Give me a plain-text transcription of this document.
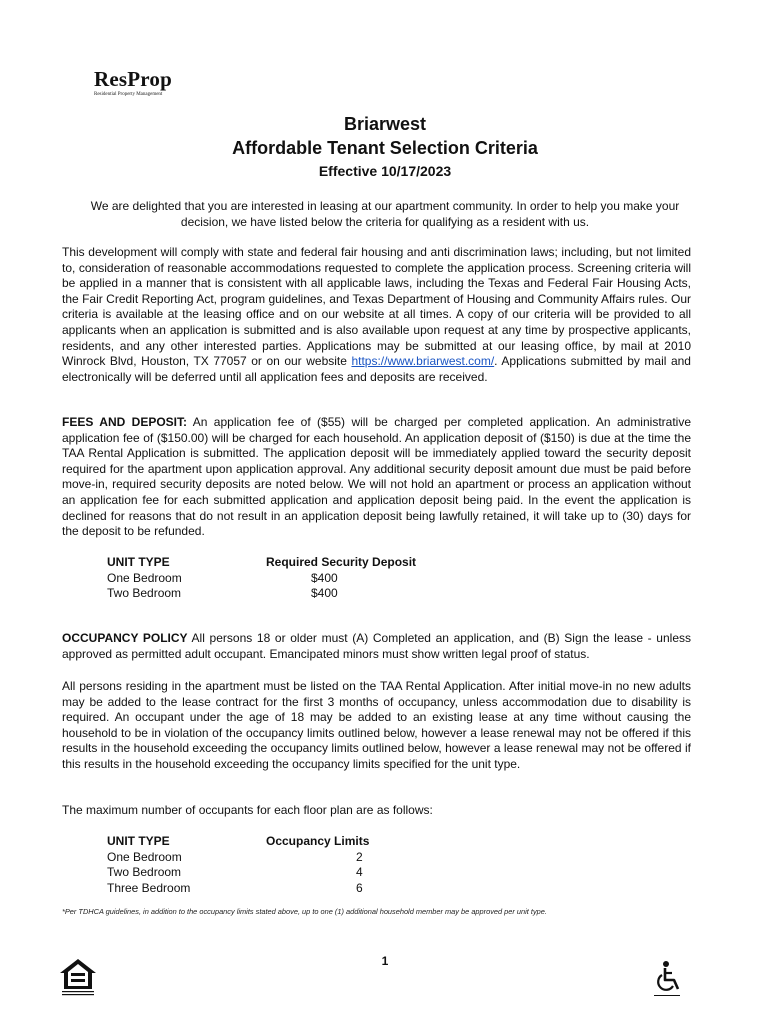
ResProp
Residential Property Management
Briarwest
Affordable Tenant Selection Criteria
Effective 10/17/2023
We are delighted that you are interested in leasing at our apartment community. In order to help you make your decision, we have listed below the criteria for qualifying as a resident with us.
This development will comply with state and federal fair housing and anti discrimination laws; including, but not limited to, consideration of reasonable accommodations requested to complete the application process. Screening criteria will be applied in a manner that is consistent with all applicable laws, including the Texas and Federal Fair Housing Acts, the Fair Credit Reporting Act, program guidelines, and Texas Department of Housing and Community Affairs rules. Our criteria is available at the leasing office and on our website at all times. A copy of our criteria will be provided to all applicants when an application is submitted and is also available upon request at any time by prospective applicants, residents, and any other interested parties. Applications may be submitted at our leasing office, by mail at 2010 Winrock Blvd, Houston, TX 77057 or on our website https://www.briarwest.com/. Applications submitted by mail and electronically will be deferred until all application fees and deposits are received.
FEES AND DEPOSIT: An application fee of ($55) will be charged per completed application. An administrative application fee of ($150.00) will be charged for each household. An application deposit of ($150) is due at the time the TAA Rental Application is submitted. The application deposit will be immediately applied toward the security deposit required for the apartment upon application approval. Any additional security deposit amount due must be paid before move-in, required security deposits are noted below. We will not hold an apartment or process an application without an application fee for each submitted application and application deposit being paid. In the event the application is declined for reasons that do not result in an application deposit being lawfully retained, it will take up to (30) days for the deposit to be refunded.
UNIT TYPE	Required Security Deposit
One Bedroom	$400
Two Bedroom	$400
OCCUPANCY POLICY All persons 18 or older must (A) Completed an application, and (B) Sign the lease - unless approved as permitted adult occupant. Emancipated minors must show written legal proof of status.
All persons residing in the apartment must be listed on the TAA Rental Application. After initial move-in no new adults may be added to the lease contract for the first 3 months of occupancy, unless accommodation due to disability is required. An occupant under the age of 18 may be added to an existing lease at any time without causing the household to be in violation of the occupancy limits outlined below, however a lease renewal may not be offered if this results in the household exceeding the occupancy limits outlined below, however a lease renewal may not be offered if this results in the household exceeding the occupancy limits specified for the unit type.
The maximum number of occupants for each floor plan are as follows:
UNIT TYPE	Occupancy Limits
One Bedroom	2
Two Bedroom	4
Three Bedroom	6
*Per TDHCA guidelines, in addition to the occupancy limits stated above, up to one (1) additional household member may be approved per unit type.
1
